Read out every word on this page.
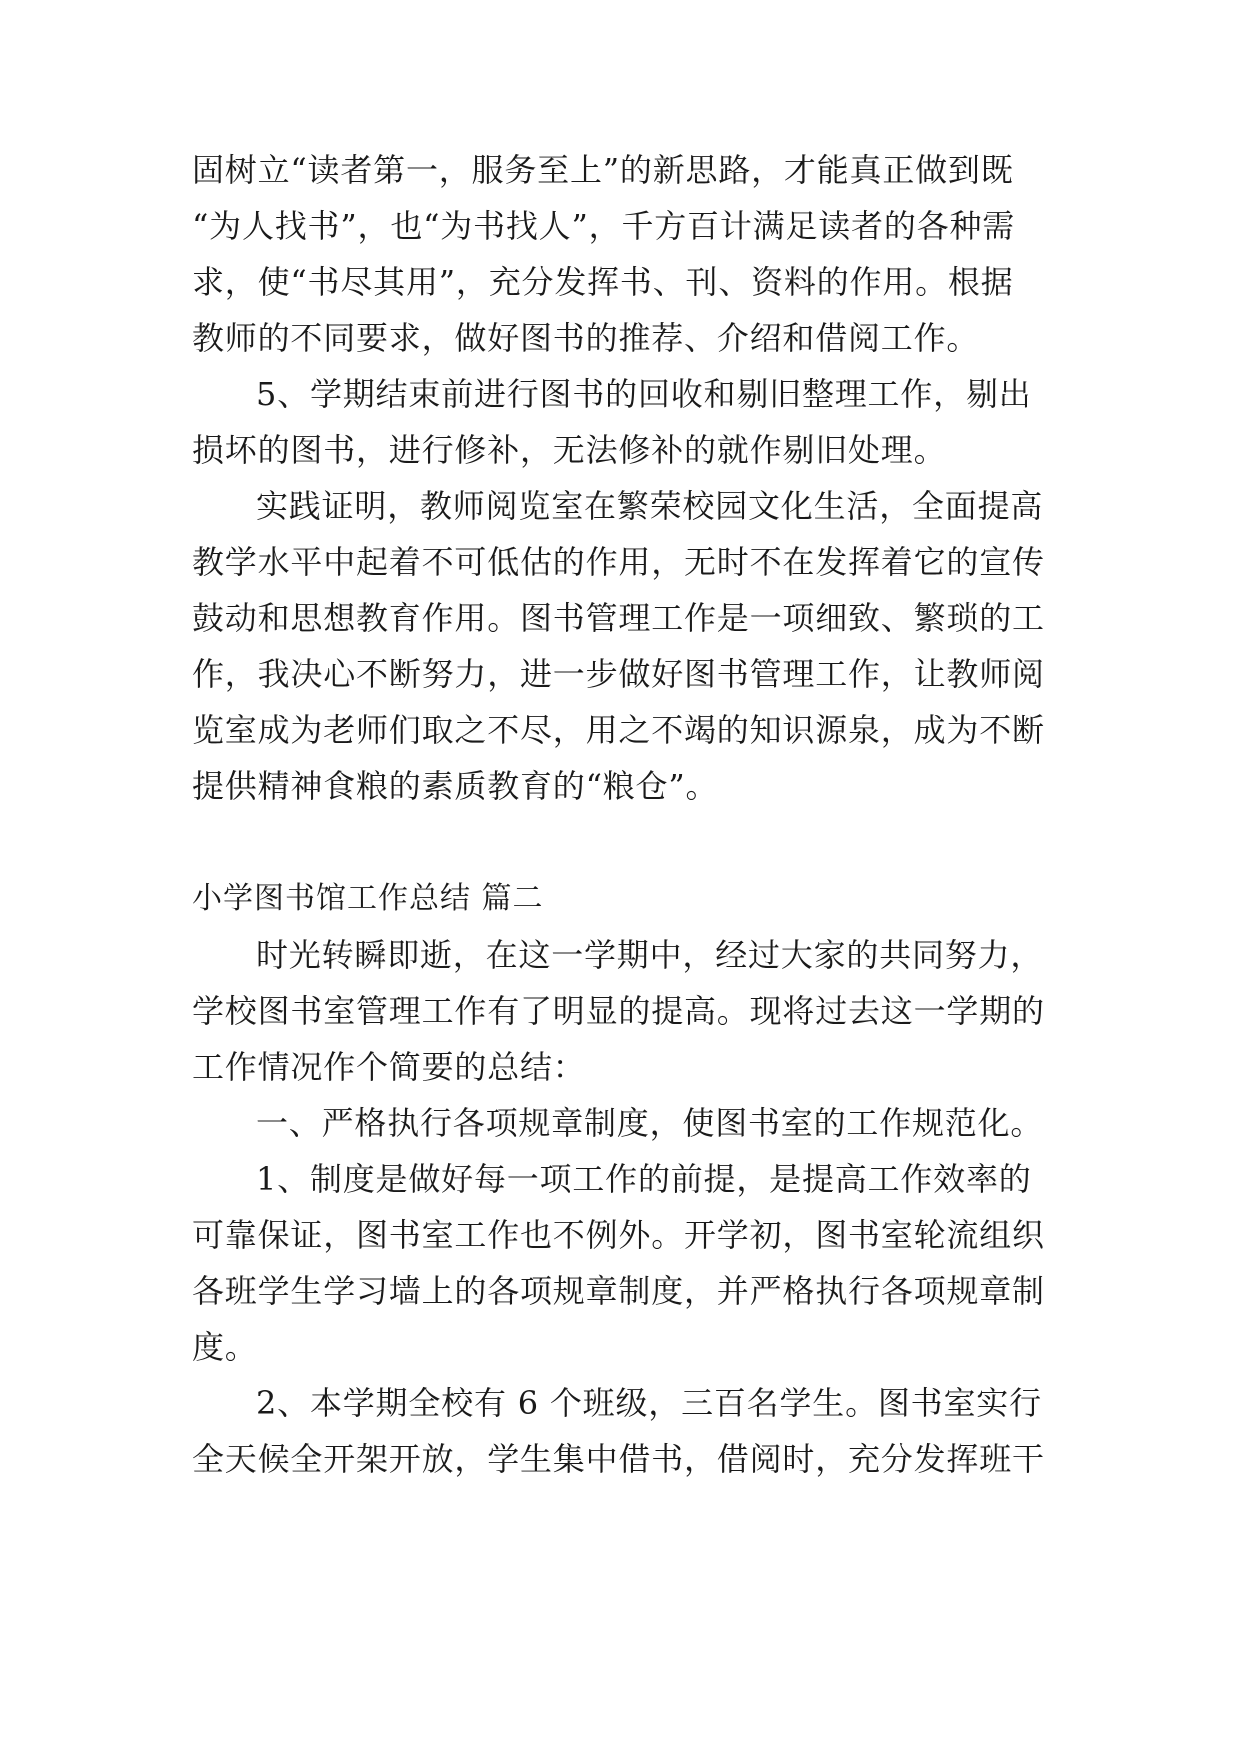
固树立“读者第一，服务至上”的新思路，才能真正做到既
“为人找书”，也“为书找人”，千方百计满足读者的各种需
求，使“书尽其用”，充分发挥书、刊、资料的作用。根据
教师的不同要求，做好图书的推荐、介绍和借阅工作。
5、学期结束前进行图书的回收和剔旧整理工作，剔出
损坏的图书，进行修补，无法修补的就作剔旧处理。
实践证明，教师阅览室在繁荣校园文化生活，全面提高
教学水平中起着不可低估的作用，无时不在发挥着它的宣传
鼓动和思想教育作用。图书管理工作是一项细致、繁琐的工
作，我决心不断努力，进一步做好图书管理工作，让教师阅
览室成为老师们取之不尽，用之不竭的知识源泉，成为不断
提供精神食粮的素质教育的“粮仓”。
小学图书馆工作总结 篇二
时光转瞬即逝，在这一学期中，经过大家的共同努力，
学校图书室管理工作有了明显的提高。现将过去这一学期的
工作情况作个简要的总结：
一、严格执行各项规章制度，使图书室的工作规范化。
1、制度是做好每一项工作的前提，是提高工作效率的
可靠保证，图书室工作也不例外。开学初，图书室轮流组织
各班学生学习墙上的各项规章制度，并严格执行各项规章制
度。
2、本学期全校有 6 个班级，三百名学生。图书室实行
全天候全开架开放，学生集中借书，借阅时，充分发挥班干
